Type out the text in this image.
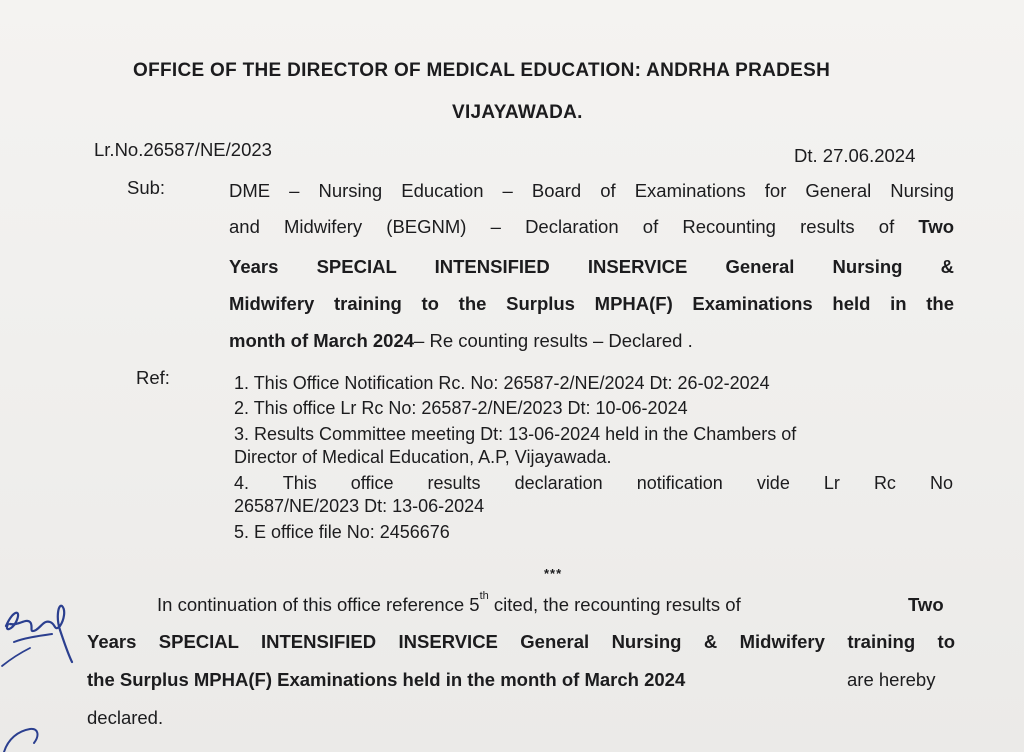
OFFICE OF THE DIRECTOR OF MEDICAL EDUCATION: ANDRHA PRADESH
VIJAYAWADA.
Lr.No.26587/NE/2023	Dt. 27.06.2024
Sub:	DME – Nursing Education – Board of Examinations for General Nursing
and Midwifery (BEGNM) – Declaration of Recounting results of Two
Years SPECIAL INTENSIFIED INSERVICE General Nursing &
Midwifery training to the Surplus MPHA(F) Examinations held in the
month of March 2024– Re counting results – Declared .
Ref:	1. This Office Notification Rc. No: 26587-2/NE/2024 Dt: 26-02-2024
2. This office Lr Rc No: 26587-2/NE/2023 Dt: 10-06-2024
3. Results Committee meeting Dt: 13-06-2024 held in the Chambers of
Director of Medical Education, A.P, Vijayawada.
4. This office results declaration notification vide Lr Rc No
26587/NE/2023 Dt: 13-06-2024
5. E office file No: 2456676
***
In continuation of this office reference 5th cited, the recounting results of	Two
Years SPECIAL INTENSIFIED INSERVICE General Nursing & Midwifery training to
the Surplus MPHA(F) Examinations held in the month of March 2024	are hereby
declared.
